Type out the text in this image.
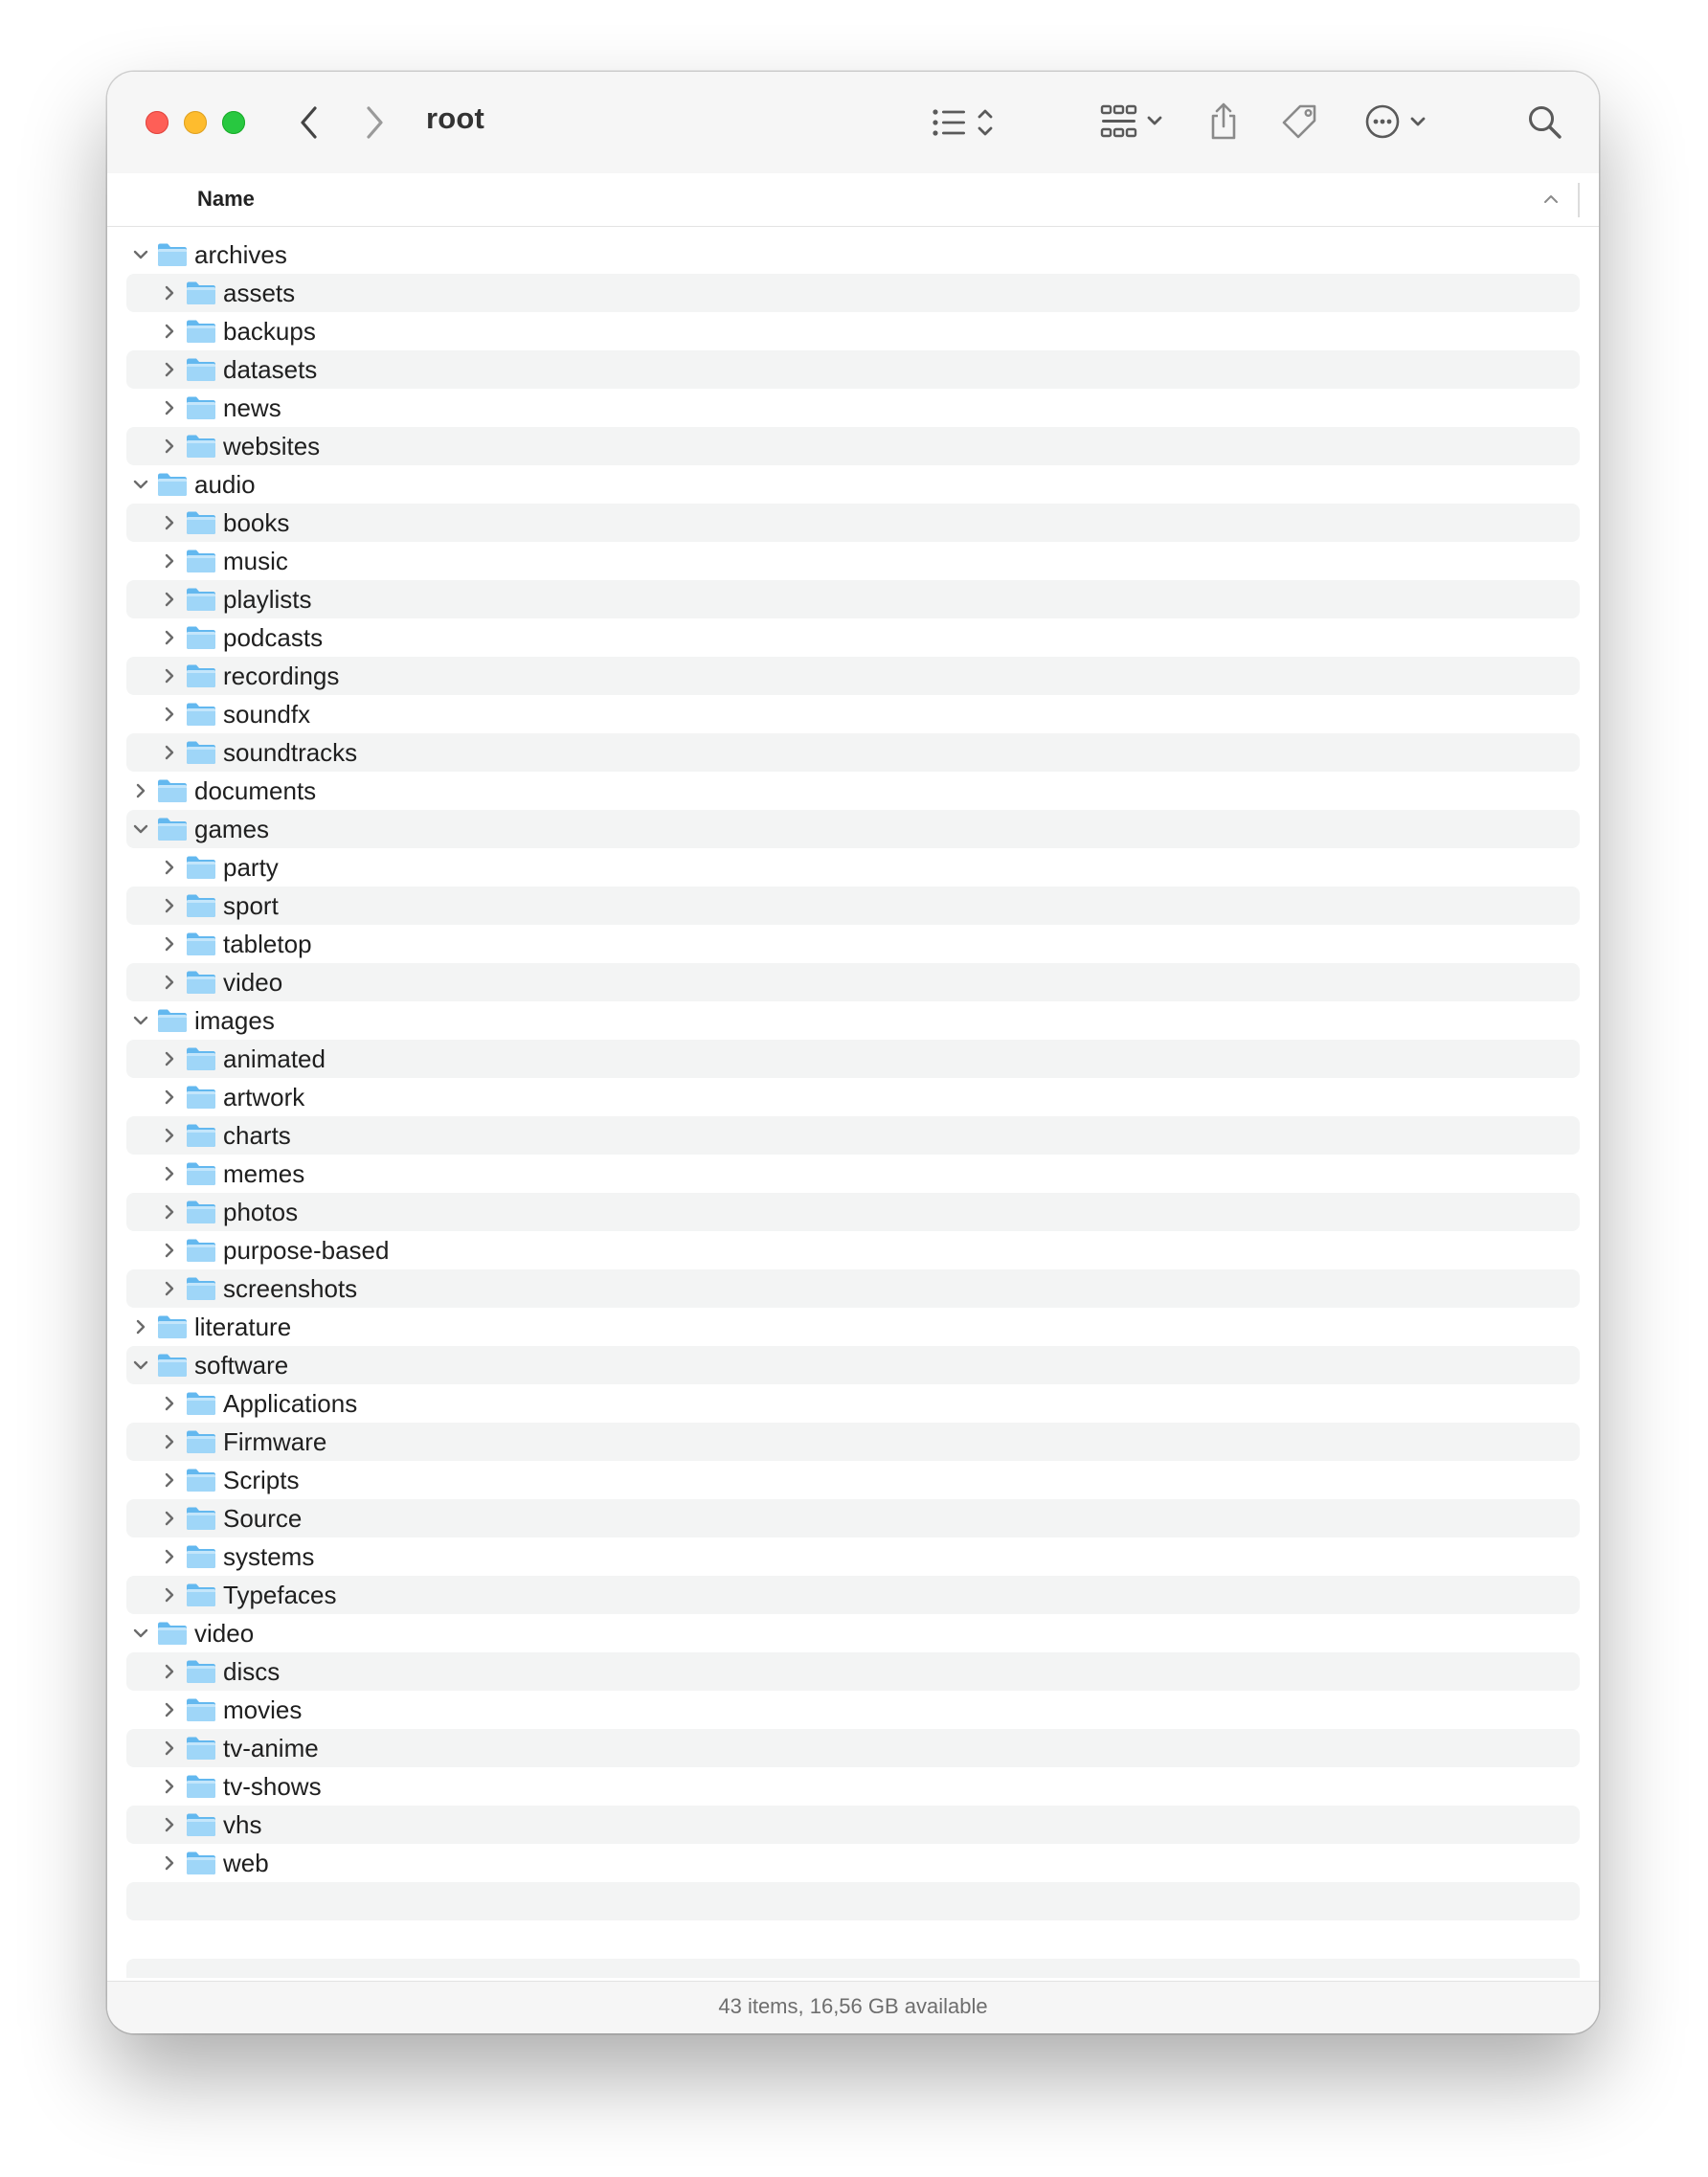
root
Name
archives
assets
backups
datasets
news
websites
audio
books
music
playlists
podcasts
recordings
soundfx
soundtracks
documents
games
party
sport
tabletop
video
images
animated
artwork
charts
memes
photos
purpose-based
screenshots
literature
software
Applications
Firmware
Scripts
Source
systems
Typefaces
video
discs
movies
tv-anime
tv-shows
vhs
web
43 items, 16,56 GB available
